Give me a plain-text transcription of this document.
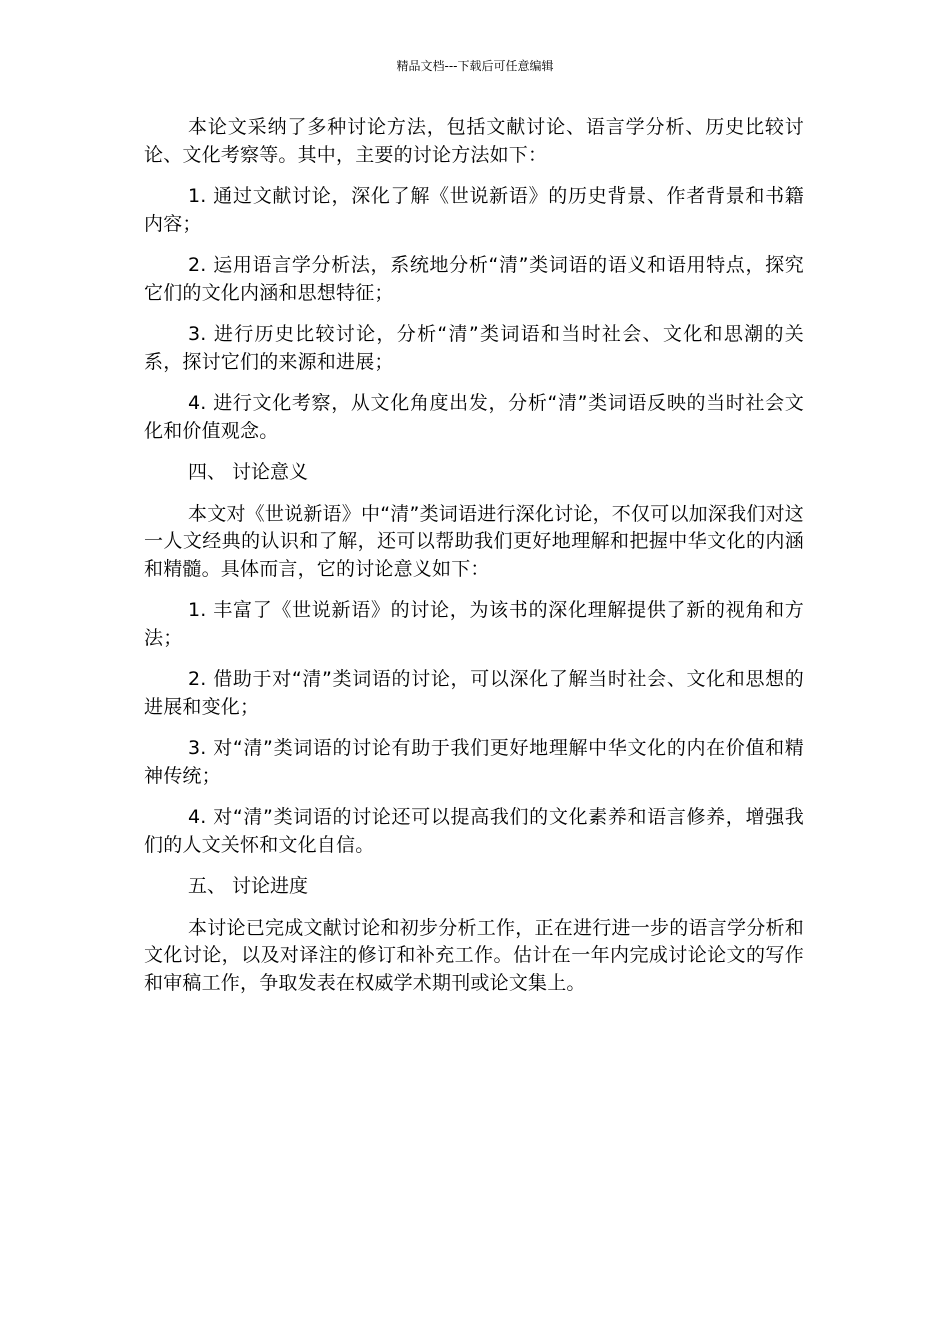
精品文档---下载后可任意编辑

本论文采纳了多种讨论方法，包括文献讨论、语言学分析、历史比较讨论、文化考察等。其中，主要的讨论方法如下：

1. 通过文献讨论，深化了解《世说新语》的历史背景、作者背景和书籍内容；

2. 运用语言学分析法，系统地分析“清”类词语的语义和语用特点，探究它们的文化内涵和思想特征；

3. 进行历史比较讨论，分析“清”类词语和当时社会、文化和思潮的关系，探讨它们的来源和进展；

4. 进行文化考察，从文化角度出发，分析“清”类词语反映的当时社会文化和价值观念。

四、 讨论意义

本文对《世说新语》中“清”类词语进行深化讨论，不仅可以加深我们对这一人文经典的认识和了解，还可以帮助我们更好地理解和把握中华文化的内涵和精髓。具体而言，它的讨论意义如下：

1. 丰富了《世说新语》的讨论，为该书的深化理解提供了新的视角和方法；

2. 借助于对“清”类词语的讨论，可以深化了解当时社会、文化和思想的进展和变化；

3. 对“清”类词语的讨论有助于我们更好地理解中华文化的内在价值和精神传统；

4. 对“清”类词语的讨论还可以提高我们的文化素养和语言修养，增强我们的人文关怀和文化自信。

五、 讨论进度

本讨论已完成文献讨论和初步分析工作，正在进行进一步的语言学分析和文化讨论，以及对译注的修订和补充工作。估计在一年内完成讨论论文的写作和审稿工作，争取发表在权威学术期刊或论文集上。
